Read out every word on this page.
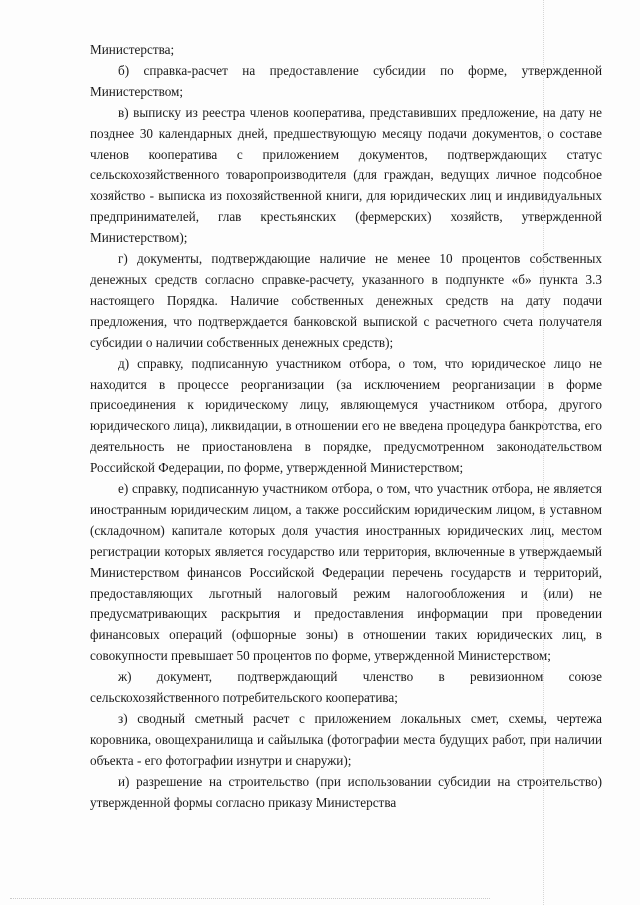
Министерства;

б) справка-расчет на предоставление субсидии по форме, утвержденной Министерством;

в) выписку из реестра членов кооператива, представивших предложение, на дату не позднее 30 календарных дней, предшествующую месяцу подачи документов, о составе членов кооператива с приложением документов, подтверждающих статус сельскохозяйственного товаропроизводителя (для граждан, ведущих личное подсобное хозяйство - выписка из похозяйственной книги, для юридических лиц и индивидуальных предпринимателей, глав крестьянских (фермерских) хозяйств, утвержденной Министерством);

г) документы, подтверждающие наличие не менее 10 процентов собственных денежных средств согласно справке-расчету, указанного в подпункте «б» пункта 3.3 настоящего Порядка. Наличие собственных денежных средств на дату подачи предложения, что подтверждается банковской выпиской с расчетного счета получателя субсидии о наличии собственных денежных средств);

д) справку, подписанную участником отбора, о том, что юридическое лицо не находится в процессе реорганизации (за исключением реорганизации в форме присоединения к юридическому лицу, являющемуся участником отбора, другого юридического лица), ликвидации, в отношении его не введена процедура банкротства, его деятельность не приостановлена в порядке, предусмотренном законодательством Российской Федерации, по форме, утвержденной Министерством;

е) справку, подписанную участником отбора, о том, что участник отбора, не является иностранным юридическим лицом, а также российским юридическим лицом, в уставном (складочном) капитале которых доля участия иностранных юридических лиц, местом регистрации которых является государство или территория, включенные в утверждаемый Министерством финансов Российской Федерации перечень государств и территорий, предоставляющих льготный налоговый режим налогообложения и (или) не предусматривающих раскрытия и предоставления информации при проведении финансовых операций (офшорные зоны) в отношении таких юридических лиц, в совокупности превышает 50 процентов по форме, утвержденной Министерством;

ж) документ, подтверждающий членство в ревизионном союзе сельскохозяйственного потребительского кооператива;

з) сводный сметный расчет с приложением локальных смет, схемы, чертежа коровника, овощехранилища и сайылыка (фотографии места будущих работ, при наличии объекта - его фотографии изнутри и снаружи);

и) разрешение на строительство (при использовании субсидии на строительство) утвержденной формы согласно приказу Министерства
